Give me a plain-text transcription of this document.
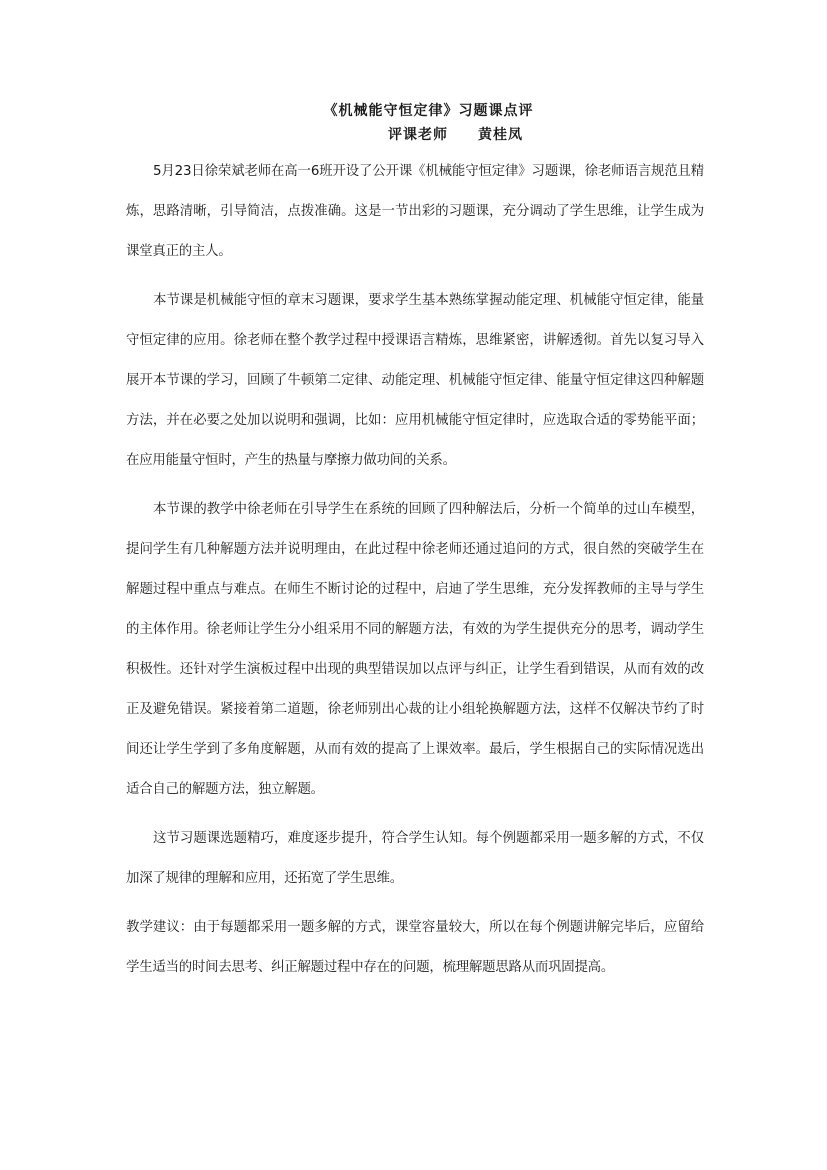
《机械能守恒定律》习题课点评
评课老师 黄桂凤

5月23日徐荣斌老师在高一6班开设了公开课《机械能守恒定律》习题课，徐老师语言规范且精炼，思路清晰，引导简洁，点拨准确。这是一节出彩的习题课，充分调动了学生思维，让学生成为课堂真正的主人。

本节课是机械能守恒的章末习题课，要求学生基本熟练掌握动能定理、机械能守恒定律，能量守恒定律的应用。徐老师在整个教学过程中授课语言精炼，思维紧密，讲解透彻。首先以复习导入展开本节课的学习，回顾了牛顿第二定律、动能定理、机械能守恒定律、能量守恒定律这四种解题方法，并在必要之处加以说明和强调，比如：应用机械能守恒定律时，应选取合适的零势能平面；在应用能量守恒时，产生的热量与摩擦力做功间的关系。

本节课的教学中徐老师在引导学生在系统的回顾了四种解法后，分析一个简单的过山车模型，提问学生有几种解题方法并说明理由，在此过程中徐老师还通过追问的方式，很自然的突破学生在解题过程中重点与难点。在师生不断讨论的过程中，启迪了学生思维，充分发挥教师的主导与学生的主体作用。徐老师让学生分小组采用不同的解题方法，有效的为学生提供充分的思考，调动学生积极性。还针对学生演板过程中出现的典型错误加以点评与纠正，让学生看到错误，从而有效的改正及避免错误。紧接着第二道题，徐老师别出心裁的让小组轮换解题方法，这样不仅解决节约了时间还让学生学到了多角度解题，从而有效的提高了上课效率。最后，学生根据自己的实际情况选出适合自己的解题方法，独立解题。

这节习题课选题精巧，难度逐步提升，符合学生认知。每个例题都采用一题多解的方式，不仅加深了规律的理解和应用，还拓宽了学生思维。

教学建议：由于每题都采用一题多解的方式，课堂容量较大，所以在每个例题讲解完毕后，应留给学生适当的时间去思考、纠正解题过程中存在的问题，梳理解题思路从而巩固提高。
